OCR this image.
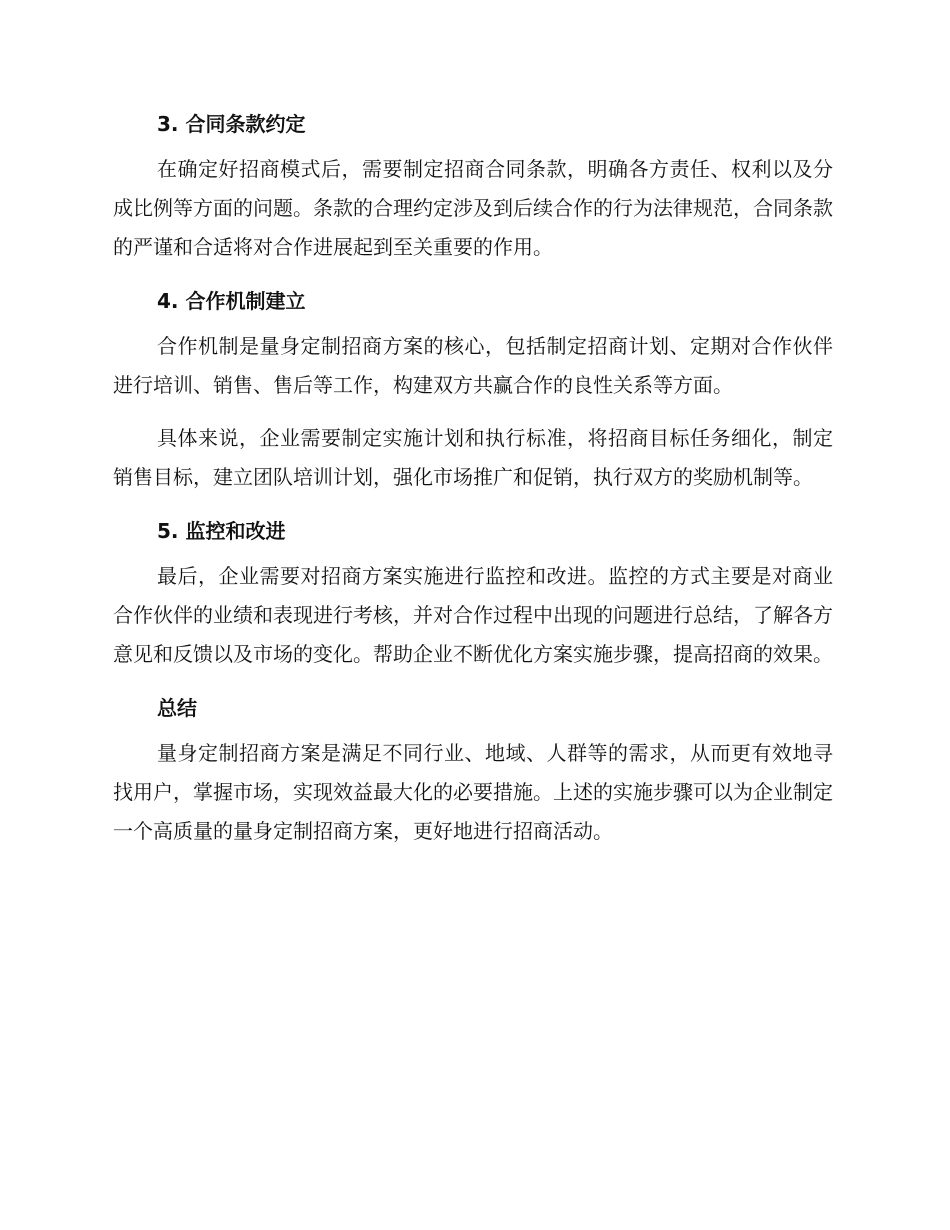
3. 合同条款约定

在确定好招商模式后，需要制定招商合同条款，明确各方责任、权利以及分成比例等方面的问题。条款的合理约定涉及到后续合作的行为法律规范，合同条款的严谨和合适将对合作进展起到至关重要的作用。

4. 合作机制建立

合作机制是量身定制招商方案的核心，包括制定招商计划、定期对合作伙伴进行培训、销售、售后等工作，构建双方共赢合作的良性关系等方面。

具体来说，企业需要制定实施计划和执行标准，将招商目标任务细化，制定销售目标，建立团队培训计划，强化市场推广和促销，执行双方的奖励机制等。

5. 监控和改进

最后，企业需要对招商方案实施进行监控和改进。监控的方式主要是对商业合作伙伴的业绩和表现进行考核，并对合作过程中出现的问题进行总结，了解各方意见和反馈以及市场的变化。帮助企业不断优化方案实施步骤，提高招商的效果。

总结

量身定制招商方案是满足不同行业、地域、人群等的需求，从而更有效地寻找用户，掌握市场，实现效益最大化的必要措施。上述的实施步骤可以为企业制定一个高质量的量身定制招商方案，更好地进行招商活动。
